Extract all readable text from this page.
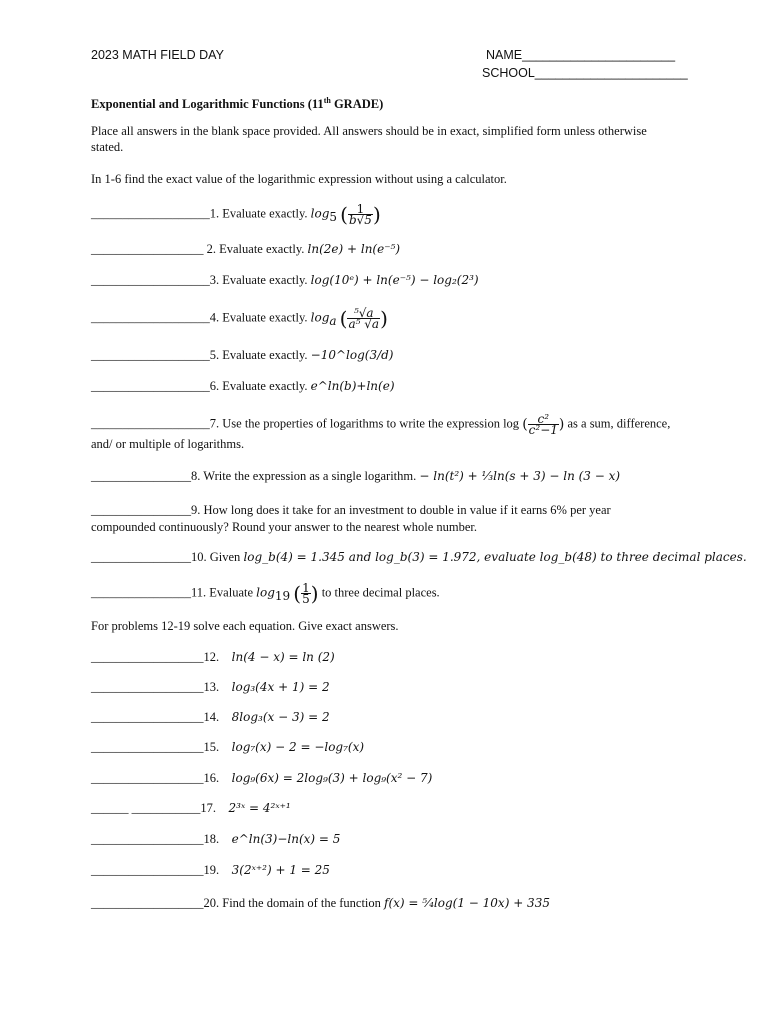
2023 MATH FIELD DAY	NAME______________________
SCHOOL______________________
Exponential and Logarithmic Functions (11th GRADE)
Place all answers in the blank space provided. All answers should be in exact, simplified form unless otherwise stated.
In 1-6 find the exact value of the logarithmic expression without using a calculator.
___________________1. Evaluate exactly. $\log_5$ ( $\frac{1}{b√5}$ )
__________________ 2. Evaluate exactly. ln(2e) + ln(e⁻⁵)
___________________3. Evaluate exactly. log(10ᵉ) + ln(e⁻⁵) − log₂(2³)
___________________4. Evaluate exactly. $\log_a$ ( $\frac{\text{⁵√a}}{\text{a⁵ √a}}$ )
___________________5. Evaluate exactly. −10^log(3/d)
___________________6. Evaluate exactly. e^ln(b)+ln(e)
___________________7. Use the properties of logarithms to write the expression log ( $\frac{\text{c²}}{\text{c²−1}}$ ) as a sum, difference, and/ or multiple of logarithms.
________________8. Write the expression as a single logarithm. − ln(t²) + ⅓ln(s + 3) − ln (3 − x)
________________9. How long does it take for an investment to double in value if it earns 6% per year compounded continuously? Round your answer to the nearest whole number.
________________10. Given log_b(4) = 1.345 and log_b(3) = 1.972, evaluate log_b(48) to three decimal places.
________________11. Evaluate $\log_{19}$ ( $\frac{1}{5}$ ) to three decimal places.
For problems 12-19 solve each equation. Give exact answers.
__________________12. ln(4 − x) = ln (2)
__________________13. log₃(4x + 1) = 2
__________________14. 8log₃(x − 3) = 2
__________________15. log₇(x) − 2 = −log₇(x)
__________________16. log₉(6x) = 2log₉(3) + log₉(x² − 7)
______ ___________17. 2³ˣ = 4²ˣ⁺¹
__________________18. e^ln(3)−ln(x) = 5
__________________19. 3(2ˣ⁺²) + 1 = 25
__________________20. Find the domain of the function f(x) = ⁵⁄₄log(1 − 10x) + 335
